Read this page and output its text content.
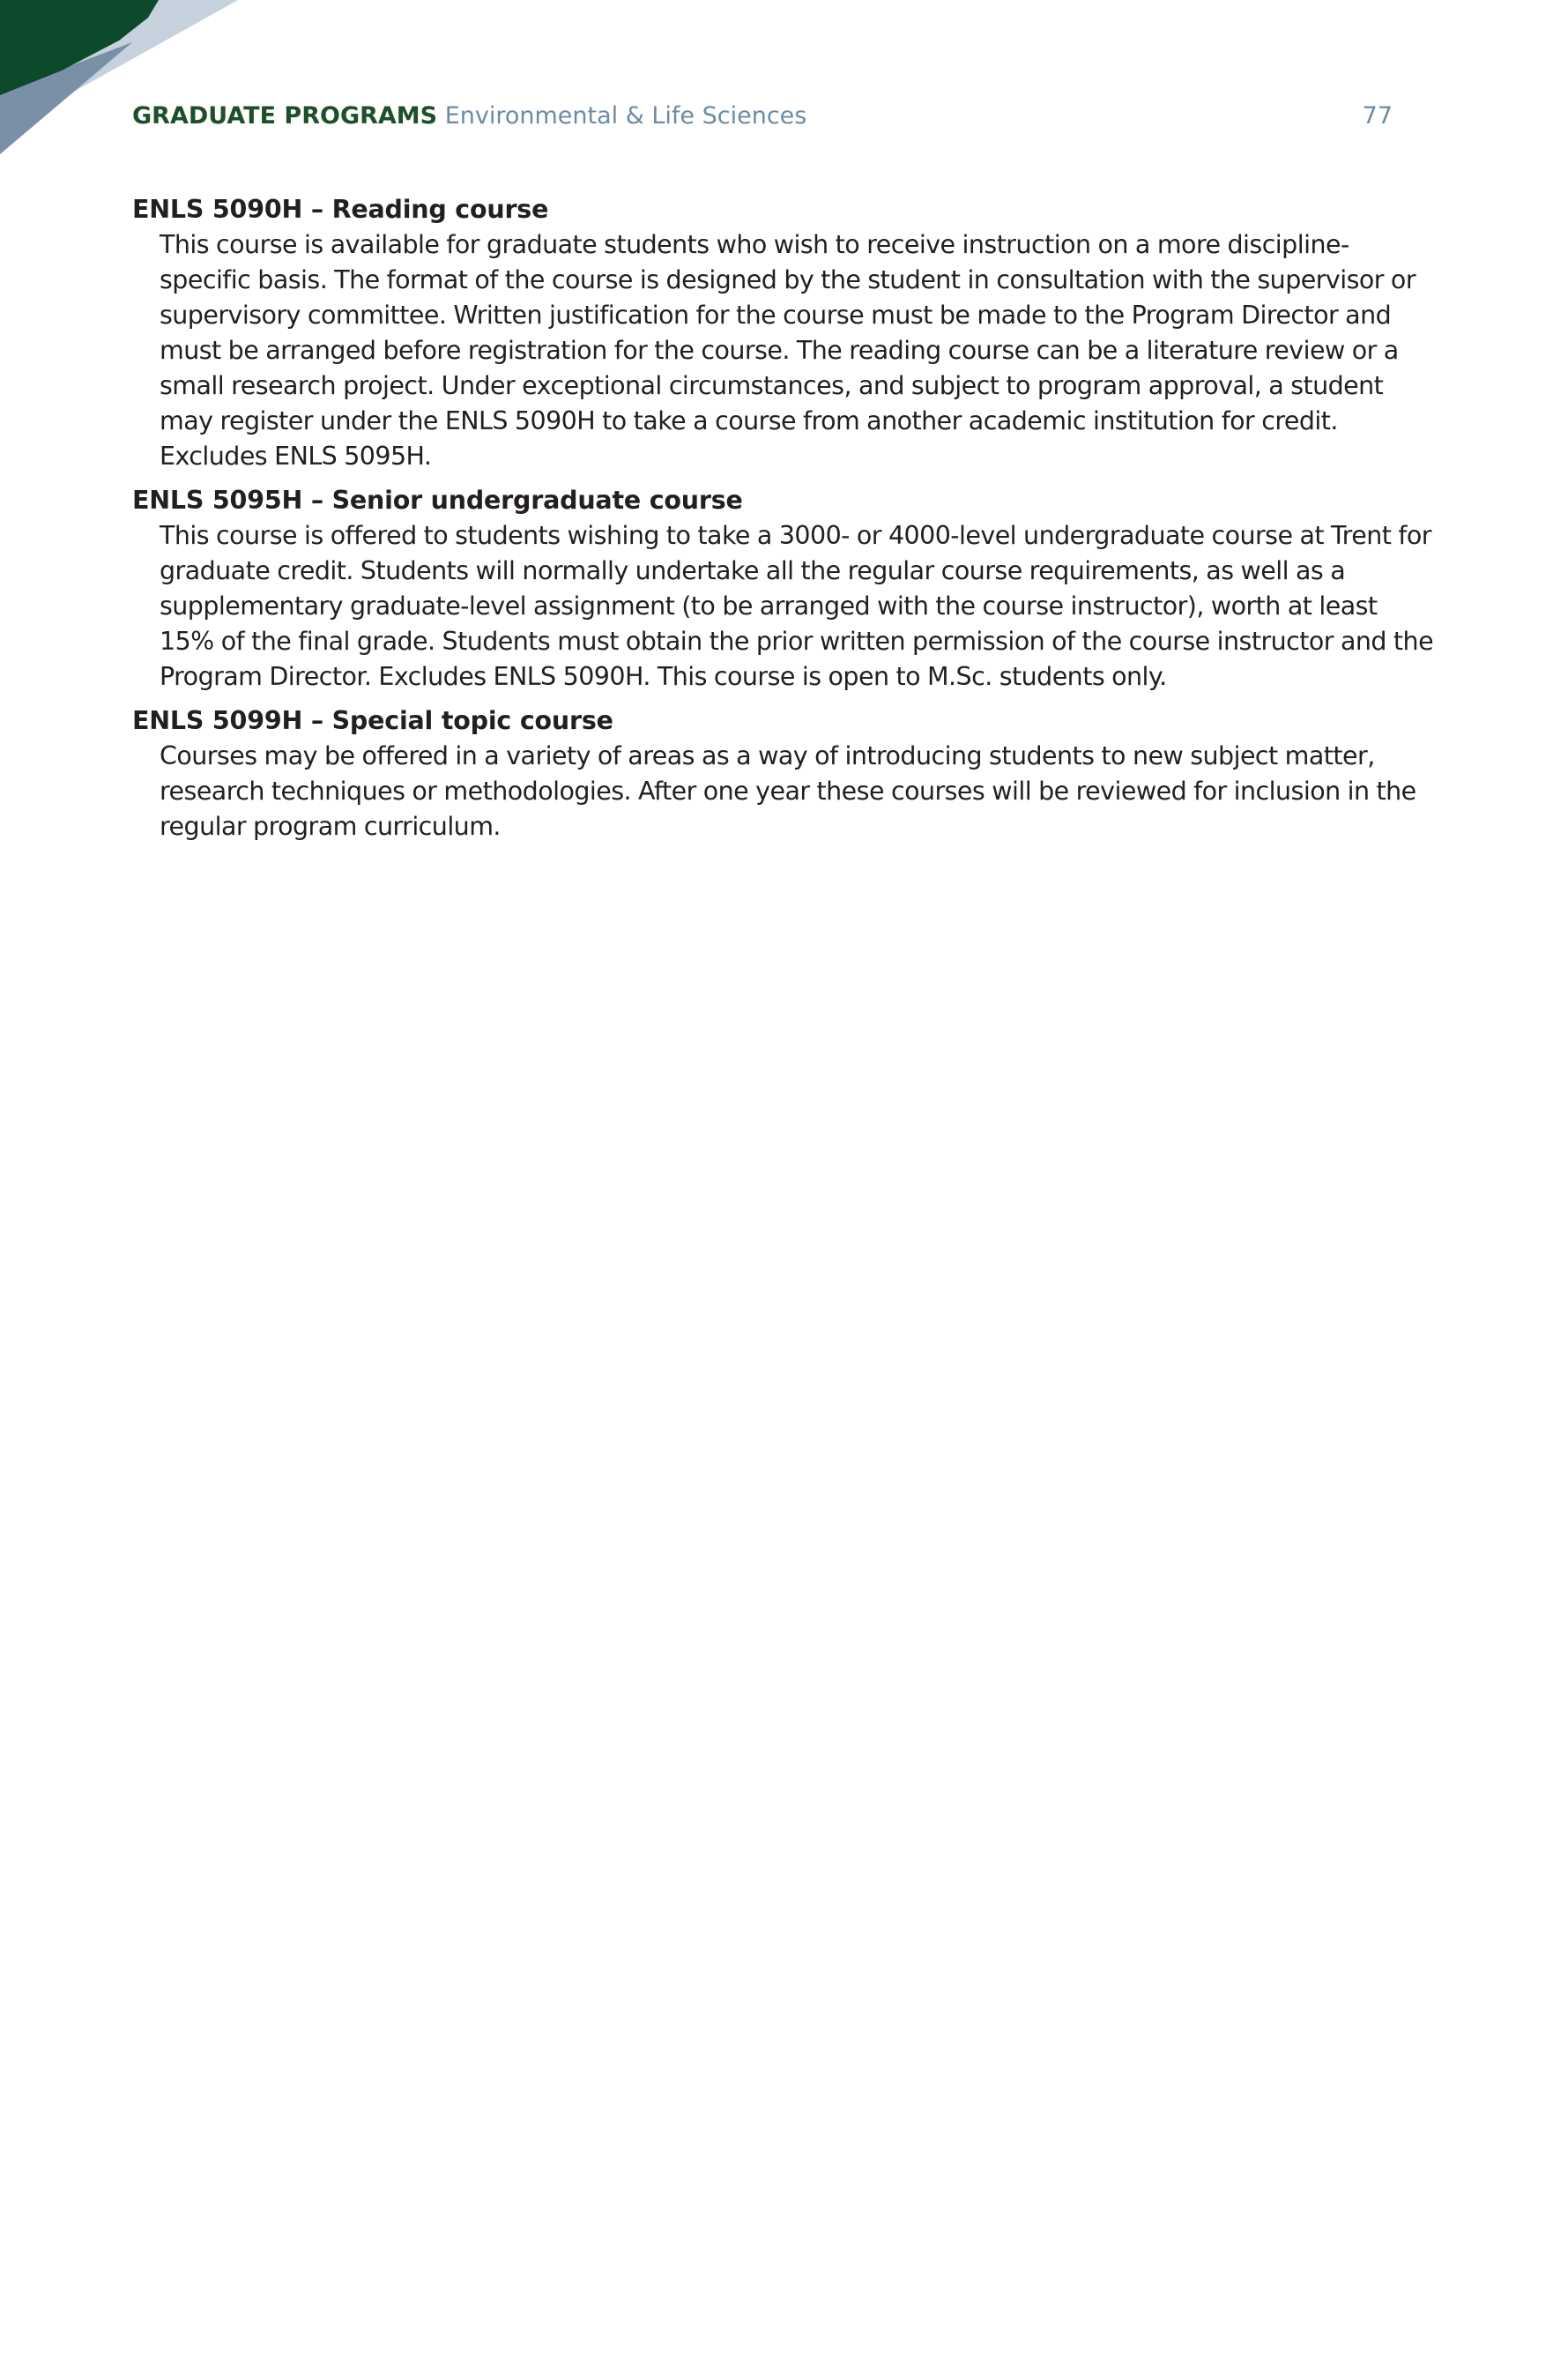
GRADUATE PROGRAMS Environmental & Life Sciences	77
ENLS 5090H – Reading course

This course is available for graduate students who wish to receive instruction on a more discipline-specific basis. The format of the course is designed by the student in consultation with the supervisor or supervisory committee. Written justification for the course must be made to the Program Director and must be arranged before registration for the course. The reading course can be a literature review or a small research project. Under exceptional circumstances, and subject to program approval, a student may register under the ENLS 5090H to take a course from another academic institution for credit. Excludes ENLS 5095H.

ENLS 5095H – Senior undergraduate course

This course is offered to students wishing to take a 3000- or 4000-level undergraduate course at Trent for graduate credit. Students will normally undertake all the regular course requirements, as well as a supplementary graduate-level assignment (to be arranged with the course instructor), worth at least 15% of the final grade. Students must obtain the prior written permission of the course instructor and the Program Director. Excludes ENLS 5090H. This course is open to M.Sc. students only.

ENLS 5099H – Special topic course

Courses may be offered in a variety of areas as a way of introducing students to new subject matter, research techniques or methodologies. After one year these courses will be reviewed for inclusion in the regular program curriculum.
